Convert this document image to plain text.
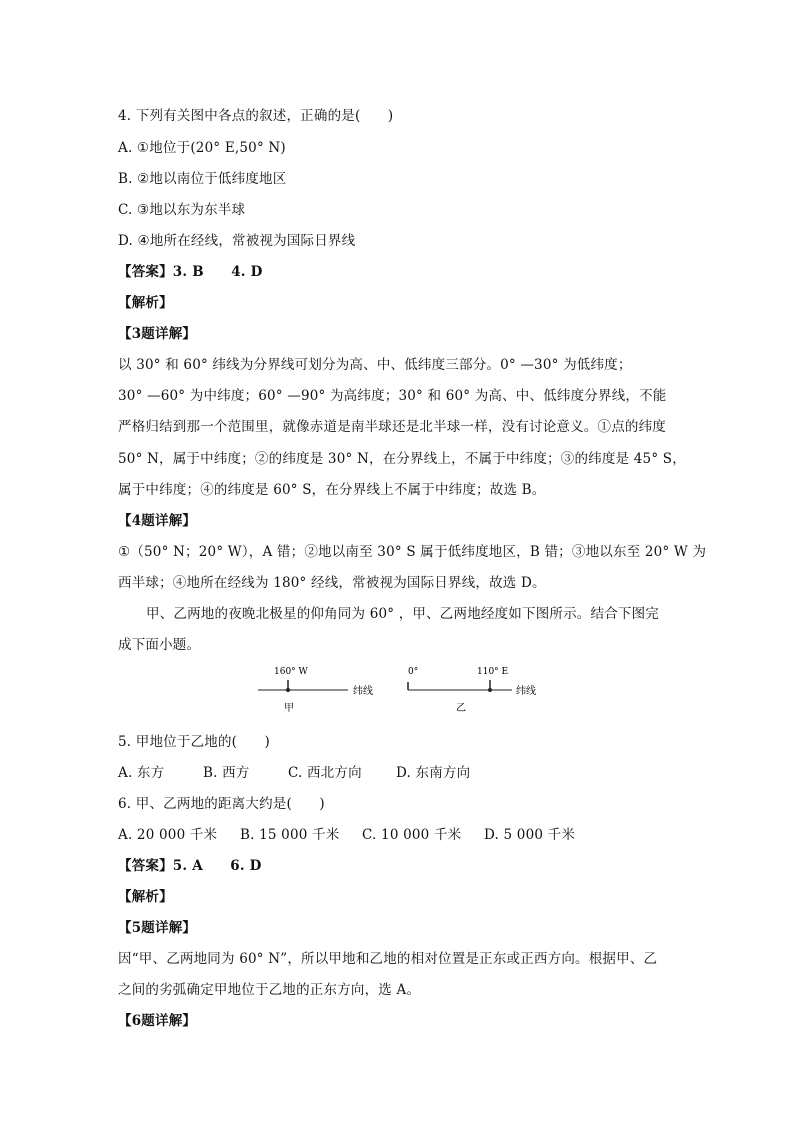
4. 下列有关图中各点的叙述，正确的是(　　)
A. ①地位于(20° E,50° N)
B. ②地以南位于低纬度地区
C. ③地以东为东半球
D. ④地所在经线，常被视为国际日界线
【答案】3. B　　4. D
【解析】
【3题详解】
以 30° 和 60° 纬线为分界线可划分为高、中、低纬度三部分。0° —30° 为低纬度；
30° —60° 为中纬度；60° —90° 为高纬度；30° 和 60° 为高、中、低纬度分界线，不能
严格归结到那一个范围里，就像赤道是南半球还是北半球一样，没有讨论意义。①点的纬度
50° N，属于中纬度；②的纬度是 30° N，在分界线上，不属于中纬度；③的纬度是 45° S，
属于中纬度；④的纬度是 60° S，在分界线上不属于中纬度；故选 B。
【4题详解】
①（50° N；20° W），A 错；②地以南至 30° S 属于低纬度地区，B 错；③地以东至 20° W 为
西半球；④地所在经线为 180° 经线，常被视为国际日界线，故选 D。
甲、乙两地的夜晚北极星的仰角同为 60° ，甲、乙两地经度如下图所示。结合下图完
成下面小题。
160° W
甲
纬线
0°	110° E
乙
纬线
5. 甲地位于乙地的(　　)
A. 东方	B. 西方	C. 西北方向	D. 东南方向
6. 甲、乙两地的距离大约是(　　)
A. 20 000 千米 B. 15 000 千米 C. 10 000 千米 D. 5 000 千米
【答案】5. A　　6. D
【解析】
【5题详解】
因“甲、乙两地同为 60° N”，所以甲地和乙地的相对位置是正东或正西方向。根据甲、乙
之间的劣弧确定甲地位于乙地的正东方向，选 A。
【6题详解】
